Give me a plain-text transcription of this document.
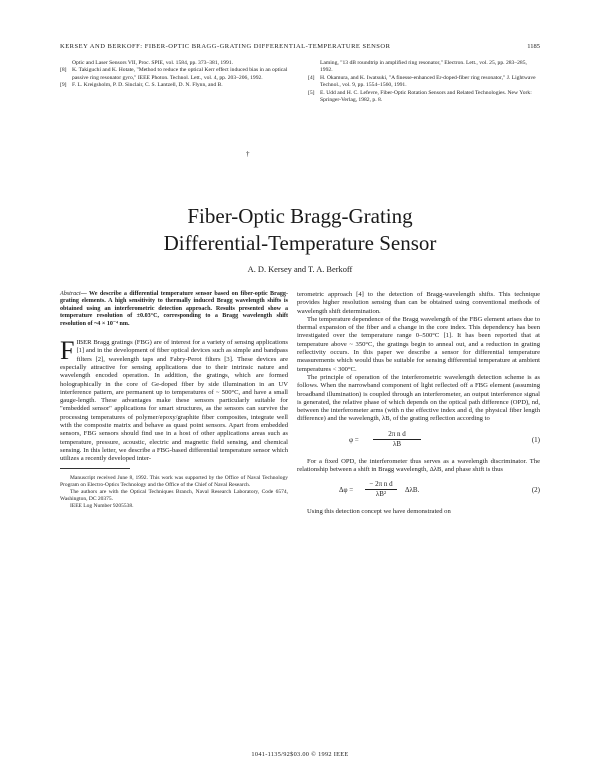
KERSEY AND BERKOFF: FIBER-OPTIC BRAGG-GRATING DIFFERENTIAL-TEMPERATURE SENSOR	1185
Optic and Laser Sensors VII, Proc. SPIE, vol. 1584, pp. 373–381, 1991.
[8] K. Takiguchi and K. Hotate, "Method to reduce the optical Kerr effect induced bias in an optical passive ring resonator gyro," IEEE Photon. Technol. Lett., vol. 4, pp. 203–206, 1992.
[9] F. L. Kreigsholm, P. D. Sinclair, C. S. Lantzell, D. N. Flynn, and B.
Laming, "13 dB roundtrip in amplified ring resonator," Electron. Lett., vol. 25, pp. 283–285, 1992.
[4] H. Okamura, and K. Iwatsuki, "A finesse-enhanced Er-doped-fiber ring resonator," J. Lightwave Technol., vol. 9, pp. 1554–1560, 1991.
[5] E. Udd and H. C. Lefevre, Fiber-Optic Rotation Sensors and Related Technologies. New York: Springer-Verlag, 1982, p. 8.
†
Fiber-Optic Bragg-Grating
Differential-Temperature Sensor
A. D. Kersey and T. A. Berkoff
Abstract— We describe a differential temperature sensor based on fiber-optic Bragg-grating elements. A high sensitivity to thermally induced Bragg wavelength shifts is obtained using an interferometric detection approach. Results presented show a temperature resolution of ±0.03°C, corresponding to a Bragg wavelength shift resolution of ~4 × 10⁻⁴ nm.
FIBER Bragg gratings (FBG) are of interest for a variety of sensing applications [1] and in the development of fiber optical devices such as simple and bandpass filters [2], wavelength taps and Fabry-Perot filters [3]. These devices are especially attractive for sensing applications due to their intrinsic nature and wavelength encoded operation. In addition, the gratings, which are formed holographically in the core of Ge-doped fiber by side illumination in an UV interference pattern, are permanent up to temperatures of ~ 500°C, and have a small gauge-length. These advantages make these sensors particularly suitable for "embedded sensor" applications for smart structures, as the sensors can survive the processing temperatures of polymer/epoxy/graphite fiber composites, integrate well with the composite matrix and behave as quasi point sensors. Apart from embedded sensors, FBG sensors should find use in a host of other applications areas such as temperature, pressure, acoustic, electric and magnetic field sensing, and chemical sensing. In this letter, we describe a FBG-based differential temperature sensor which utilizes a recently developed inter-

Manuscript received June 8, 1992. This work was supported by the Office of Naval Technology Program on Electro-Optics Technology and the Office of the Chief of Naval Research.

The authors are with the Optical Techniques Branch, Naval Research Laboratory, Code 6574, Washington, DC 20375.

IEEE Log Number 9205538.

terometric approach [4] to the detection of Bragg-wavelength shifts. This technique provides higher resolution sensing than can be obtained using conventional methods of wavelength shift determination.

The temperature dependence of the Bragg wavelength of the FBG element arises due to thermal expansion of the fiber and a change in the core index. This dependency has been investigated over the temperature range 0–500°C [1]. It has been reported that at temperature above ~ 350°C, the gratings begin to anneal out, and a reduction in grating reflectivity occurs. In this paper we describe a sensor for differential temperature measurements which would thus be suitable for sensing differential temperature at ambient temperatures < 300°C.

The principle of operation of the interferometric wavelength detection scheme is as follows. When the narrowband component of light reflected off a FBG element (assuming broadband illumination) is coupled through an interferometer, an output interference signal is generated, the relative phase of which depends on the optical path difference (OPD), nd, between the interferometer arms (with n the effective index and d, the physical fiber length difference) and the wavelength, λB, of the grating reflection according to

φ =
2π n d
λB	(1)

For a fixed OPD, the interferometer thus serves as a wavelength discriminator. The relationship between a shift in Bragg wavelength, ΔλB, and phase shift is thus

Δφ =
− 2π n d
λB²	ΔλB.	(2)

Using this detection concept we have demonstrated on

1041-1135/92$03.00 © 1992 IEEE
